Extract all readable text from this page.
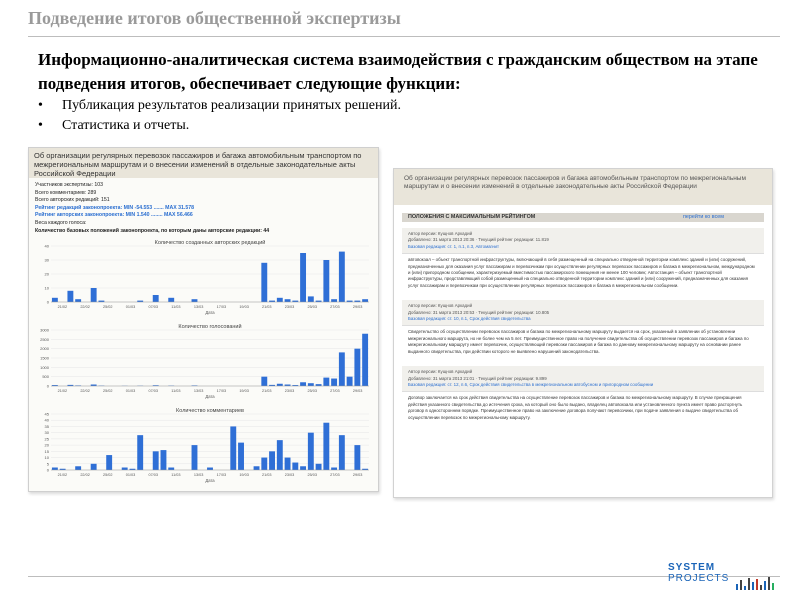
Подведение итогов общественной экспертизы
Информационно-аналитическая система взаимодействия с гражданским обществом на этапе подведения итогов, обеспечивает следующие функции:
• Публикация результатов реализации принятых решений.
• Статистика и отчеты.
Об организации регулярных перевозок пассажиров и багажа автомобильным транспортом по межрегиональным маршрутам и о внесении изменений в отдельные законодательные акты Российской Федерации
Участников экспертизы: 103
Всего комментариев: 289
Всего авторских редакций: 151
Рейтинг редакций законопроекта: MIN -54.553 ....... MAX 31.578
Рейтинг авторских законопроекта: MIN 1.540 ........ MAX 56.466
Веса каждого голоса:
Количество базовых положений законопроекта, по которым даны авторские редакции: 44
Количество созданных авторских редакций
0
10
20
30
40
21/02	22/02	25/02	01/03	07/03	11/03	13/03	17/03	19/03	21/03	23/03	25/03	27/03	29/03
Дата
Количество голосований
0
500
1000
1500
2000
2500
3000
21/02	22/02	25/02	01/03	07/03	11/03	13/03	17/03	19/03	21/03	23/03	25/03	27/03	29/03
Дата
Количество комментариев
0
5
10
15
20
25
30
35
40
45
21/02	22/02	25/02	01/03	07/03	11/03	13/03	17/03	19/03	21/03	23/03	25/03	27/03	29/03
Дата
Об организации регулярных перевозок пассажиров и багажа автомобильным транспортом по межрегиональным маршрутам и о внесении изменений в отдельные законодательные акты Российской Федерации
ПОЛОЖЕНИЯ С МАКСИМАЛЬНЫМ РЕЙТИНГОМ	перейти ко всем
Автор версии: Кущнов Аркадий
Добавлено: 31 марта 2013 20:36 · Текущий рейтинг редакции: 11.819
Базовая редакция: ст. 1, п.1, п.3, Автомагнит
автовокзал – объект транспортной инфраструктуры, включающий в себя размещенный на специально отведенной территории комплекс зданий и (или) сооружений, предназначенных для оказания услуг пассажирам и перевозчикам при осуществлении регулярных перевозок пассажиров и багажа в межрегиональном, международном и (или) пригородном сообщении, характеризуемый вместимостью пассажирского помещения не менее 100 человек; Автостанция – объект транспортной инфраструктуры, представляющий собой размещенный на специально отведенной территории комплекс зданий и (или) сооружений, предназначенных для оказания услуг пассажирам и перевозчикам при осуществлении регулярных перевозок пассажиров и багажа в межрегиональном сообщении.
Автор версии: Кущнов Аркадий
Добавлено: 31 марта 2013 20:53 · Текущий рейтинг редакции: 10.805
Базовая редакция: ст. 10, п.1, Срок действия свидетельства
Свидетельство об осуществлении перевозок пассажиров и багажа по межрегиональному маршруту выдается на срок, указанный в заявлении об установлении межрегионального маршрута, но не более чем на 5 лет. Преимущественное право на получение свидетельства об осуществлении перевозок пассажиров и багажа по межрегиональному маршруту имеет перевозчик, осуществляющий перевозки пассажиров и багажа по данному межрегиональному маршруту на основании ранее выданного свидетельства, при действии которого не выявлено нарушений законодательства.
Автор версии: Кущнов Аркадий
Добавлено: 31 марта 2013 21:01 · Текущий рейтинг редакции: 9.899
Базовая редакция: ст. 12, п.6, Срок действия свидетельства в межрегиональном автобусном и пригородном сообщении
Договор заключается на срок действия свидетельства на осуществление перевозок пассажиров и багажа по межрегиональному маршруту. В случае прекращения действия указанного свидетельства до истечения срока, на который оно было выдано, владелец автовокзала или установленного пункта имеет право расторгнуть договор в одностороннем порядке. Преимущественное право на заключение договора получают перевозчики, при подаче заявления о выдаче свидетельства об осуществлении перевозок по межрегиональному маршруту.
SYSTEM
PROJECTS
